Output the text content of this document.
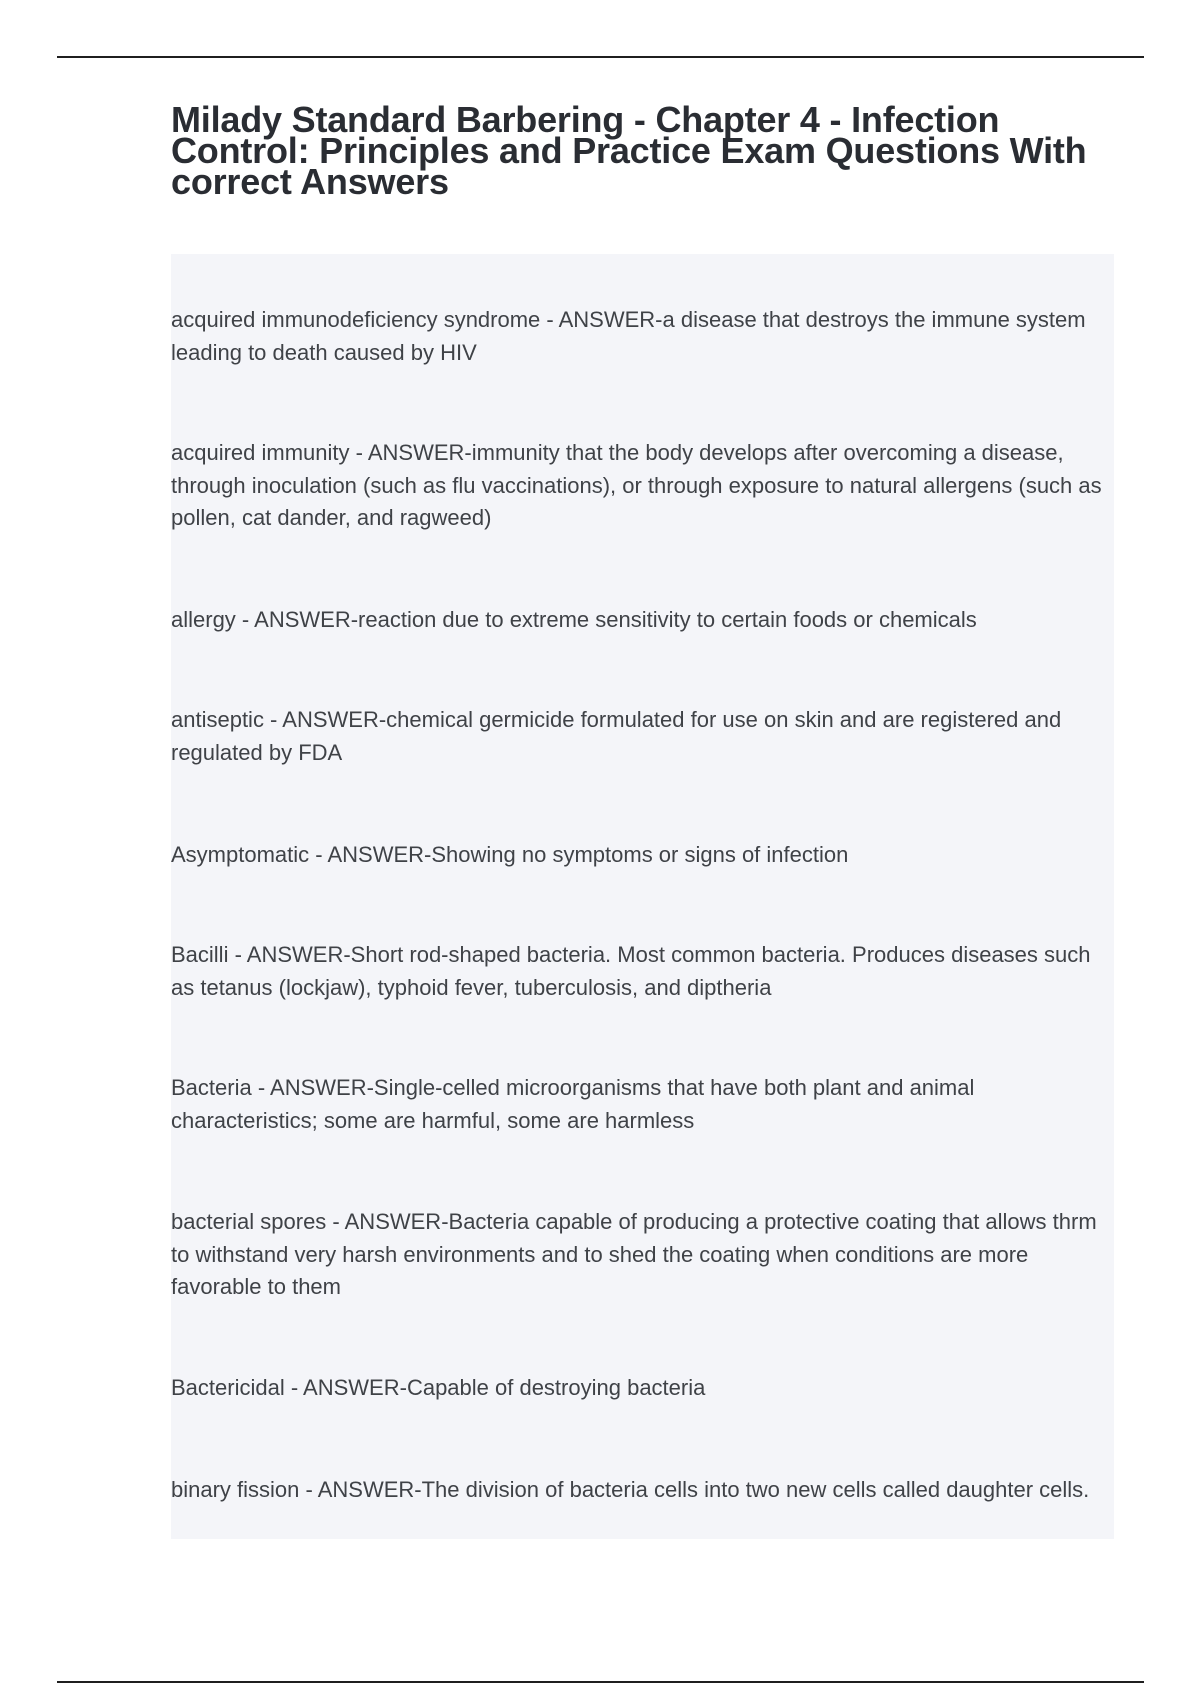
Milady Standard Barbering - Chapter 4 - Infection Control: Principles and Practice Exam Questions With correct Answers

acquired immunodeficiency syndrome - ANSWER-a disease that destroys the immune system leading to death caused by HIV

acquired immunity - ANSWER-immunity that the body develops after overcoming a disease, through inoculation (such as flu vaccinations), or through exposure to natural allergens (such as pollen, cat dander, and ragweed)

allergy - ANSWER-reaction due to extreme sensitivity to certain foods or chemicals

antiseptic - ANSWER-chemical germicide formulated for use on skin and are registered and regulated by FDA

Asymptomatic - ANSWER-Showing no symptoms or signs of infection

Bacilli - ANSWER-Short rod-shaped bacteria. Most common bacteria. Produces diseases such as tetanus (lockjaw), typhoid fever, tuberculosis, and diptheria

Bacteria - ANSWER-Single-celled microorganisms that have both plant and animal characteristics; some are harmful, some are harmless

bacterial spores - ANSWER-Bacteria capable of producing a protective coating that allows thrm to withstand very harsh environments and to shed the coating when conditions are more favorable to them

Bactericidal - ANSWER-Capable of destroying bacteria

binary fission - ANSWER-The division of bacteria cells into two new cells called daughter cells.
